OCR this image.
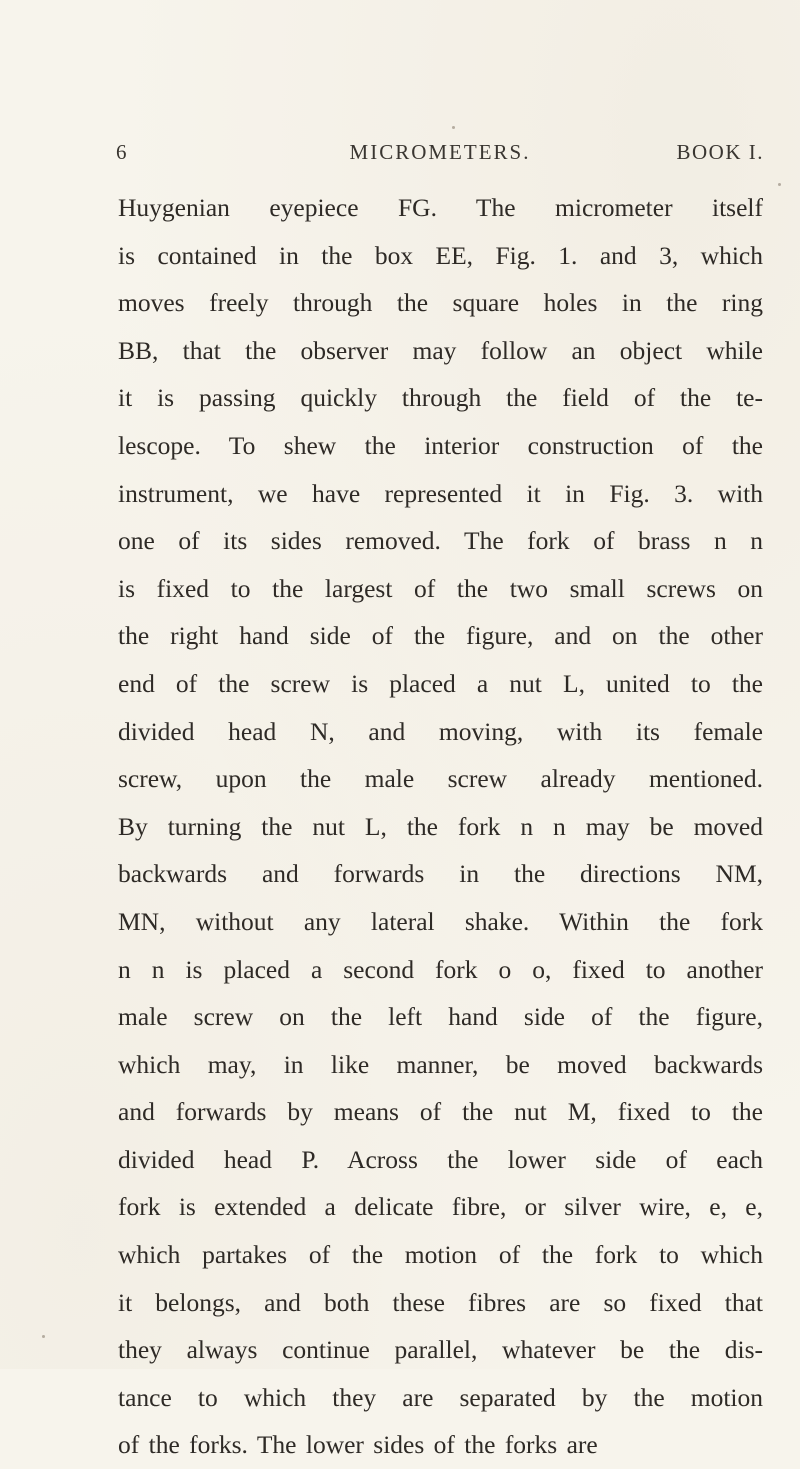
6	MICROMETERS.	BOOK I.
Huygenian eyepiece FG. The micrometer itself
is contained in the box EE, Fig. 1. and 3, which
moves freely through the square holes in the ring
BB, that the observer may follow an object while
it is passing quickly through the field of the te-
lescope. To shew the interior construction of the
instrument, we have represented it in Fig. 3. with
one of its sides removed. The fork of brass n n
is fixed to the largest of the two small screws on
the right hand side of the figure, and on the other
end of the screw is placed a nut L, united to the
divided head N, and moving, with its female
screw, upon the male screw already mentioned.
By turning the nut L, the fork n n may be moved
backwards and forwards in the directions NM,
MN, without any lateral shake. Within the fork
n n is placed a second fork o o, fixed to another
male screw on the left hand side of the figure,
which may, in like manner, be moved backwards
and forwards by means of the nut M, fixed to the
divided head P. Across the lower side of each
fork is extended a delicate fibre, or silver wire, e, e,
which partakes of the motion of the fork to which
it belongs, and both these fibres are so fixed that
they always continue parallel, whatever be the dis-
tance to which they are separated by the motion
of the forks. The lower sides of the forks are
